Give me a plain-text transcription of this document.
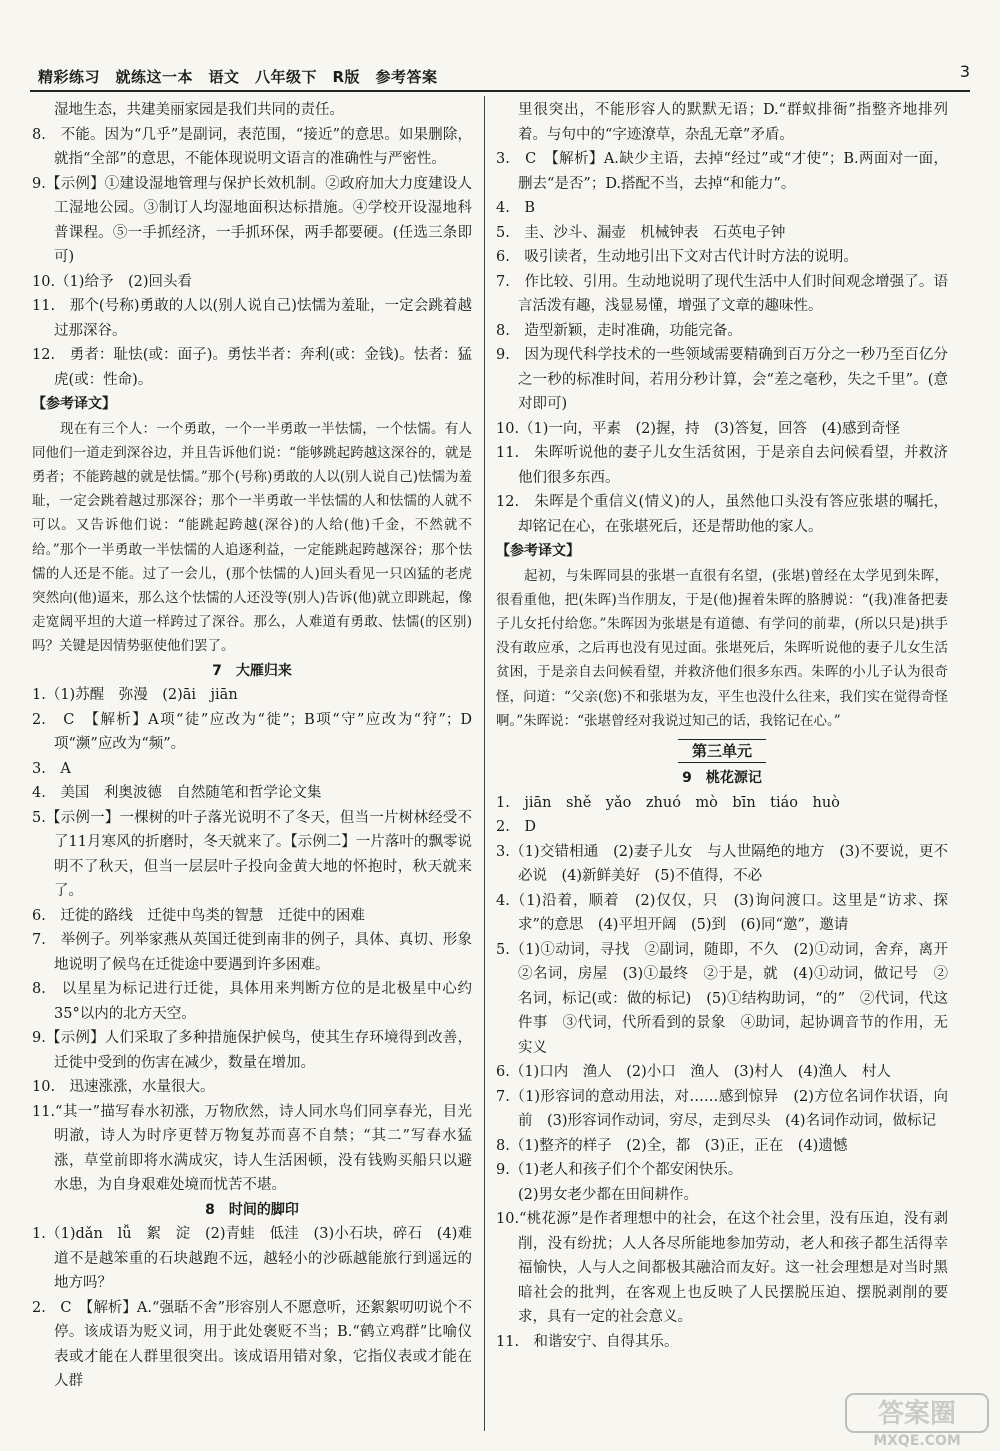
精彩练习　就练这一本　语文　八年级下　R版　参考答案	3

湿地生态，共建美丽家园是我们共同的责任。

8.　不能。因为“几乎”是副词，表范围，“接近”的意思。如果删除，就指“全部”的意思，不能体现说明文语言的准确性与严密性。

9.【示例】①建设湿地管理与保护长效机制。②政府加大力度建设人工湿地公园。③制订人均湿地面积达标措施。④学校开设湿地科普课程。⑤一手抓经济，一手抓环保，两手都要硬。(任选三条即可)

10.（1)给予　(2)回头看

11.　那个(号称)勇敢的人以(别人说自己)怯懦为羞耻，一定会跳着越过那深谷。

12.　勇者：耻怯(或：面子)。勇怯半者：奔利(或：金钱)。怯者：猛虎(或：性命)。

【参考译文】

现在有三个人：一个勇敢，一个一半勇敢一半怯懦，一个怯懦。有人同他们一道走到深谷边，并且告诉他们说：“能够跳起跨越这深谷的，就是勇者；不能跨越的就是怯懦。”那个(号称)勇敢的人以(别人说自己)怯懦为羞耻，一定会跳着越过那深谷；那个一半勇敢一半怯懦的人和怯懦的人就不可以。又告诉他们说：“能跳起跨越(深谷)的人给(他)千金，不然就不给。”那个一半勇敢一半怯懦的人追逐利益，一定能跳起跨越深谷；那个怯懦的人还是不能。过了一会儿，(那个怯懦的人)回头看见一只凶猛的老虎突然向(他)逼来，那么这个怯懦的人还没等(别人)告诉(他)就立即跳起，像走宽阔平坦的大道一样跨过了深谷。那么，人难道有勇敢、怯懦(的区别)吗？关键是因情势驱使他们罢了。

7　大雁归来

1.（1)苏醒　弥漫　(2)āi　jiān

2.　C　【解析】A项“徒”应改为“徙”；B项“守”应改为“狩”；D项“濒”应改为“频”。

3.　A

4.　美国　利奥波德　自然随笔和哲学论文集

5.【示例一】一棵树的叶子落光说明不了冬天，但当一片树林经受不了11月寒风的折磨时，冬天就来了。【示例二】一片落叶的飘零说明不了秋天，但当一层层叶子投向金黄大地的怀抱时，秋天就来了。

6.　迁徙的路线　迁徙中鸟类的智慧　迁徙中的困难

7.　举例子。列举家燕从英国迁徙到南非的例子，具体、真切、形象地说明了候鸟在迁徙途中要遇到许多困难。

8.　以星星为标记进行迁徙，具体用来判断方位的是北极星中心约35°以内的北方天空。

9.【示例】人们采取了多种措施保护候鸟，使其生存环境得到改善，迁徙中受到的伤害在减少，数量在增加。

10.　迅速涨涨，水量很大。

11.“其一”描写春水初涨，万物欣然，诗人同水鸟们同享春光，目光明澈，诗人为时序更替万物复苏而喜不自禁；“其二”写春水猛涨，草堂前即将水满成灾，诗人生活困顿，没有钱购买船只以避水患，为自身艰难处境而忧苦不堪。

8　时间的脚印

1.（1)dǎn　lǚ　絮　淀　(2)青蛙　低洼　(3)小石块，碎石　(4)难道不是越笨重的石块越跑不远，越轻小的沙砾越能旅行到遥远的地方吗？

2.　C　【解析】A.“强聒不舍”形容别人不愿意听，还絮絮叨叨说个不停。该成语为贬义词，用于此处褒贬不当；B.“鹤立鸡群”比喻仪表或才能在人群里很突出。该成语用错对象，它指仪表或才能在人群

里很突出，不能形容人的默默无语；D.“群蚁排衙”指整齐地排列着。与句中的“字迹潦草，杂乱无章”矛盾。

3.　C　【解析】A.缺少主语，去掉“经过”或“才使”；B.两面对一面，删去“是否”；D.搭配不当，去掉“和能力”。

4.　B

5.　圭、沙斗、漏壶　机械钟表　石英电子钟

6.　吸引读者，生动地引出下文对古代计时方法的说明。

7.　作比较、引用。生动地说明了现代生活中人们时间观念增强了。语言活泼有趣，浅显易懂，增强了文章的趣味性。

8.　造型新颖，走时准确，功能完备。

9.　因为现代科学技术的一些领域需要精确到百万分之一秒乃至百亿分之一秒的标准时间，若用分秒计算，会“差之毫秒，失之千里”。(意对即可)

10.（1)一向，平素　(2)握，持　(3)答复，回答　(4)感到奇怪

11.　朱晖听说他的妻子儿女生活贫困，于是亲自去问候看望，并救济他们很多东西。

12.　朱晖是个重信义(情义)的人，虽然他口头没有答应张堪的嘱托，却铭记在心，在张堪死后，还是帮助他的家人。

【参考译文】

起初，与朱晖同县的张堪一直很有名望，(张堪)曾经在太学见到朱晖，很看重他，把(朱晖)当作朋友，于是(他)握着朱晖的胳膊说：“(我)准备把妻子儿女托付给您。”朱晖因为张堪是有道德、有学问的前辈，(所以只是)拱手没有敢应承，之后再也没有见过面。张堪死后，朱晖听说他的妻子儿女生活贫困，于是亲自去问候看望，并救济他们很多东西。朱晖的小儿子认为很奇怪，问道：“父亲(您)不和张堪为友，平生也没什么往来，我们实在觉得奇怪啊。”朱晖说：“张堪曾经对我说过知己的话，我铭记在心。”

第三单元

9　桃花源记

1.　jiān　shě　yǎo　zhuó　mò　bīn　tiáo　huò

2.　D

3.（1)交错相通　(2)妻子儿女　与人世隔绝的地方　(3)不要说，更不必说　(4)新鲜美好　(5)不值得，不必

4.（1)沿着，顺着　(2)仅仅，只　(3)询问渡口。这里是“访求、探求”的意思　(4)平坦开阔　(5)到　(6)同“邀”，邀请

5.（1)①动词，寻找　②副词，随即，不久　(2)①动词，舍弃，离开　②名词，房屋　(3)①最终　②于是，就　(4)①动词，做记号　②名词，标记(或：做的标记)　(5)①结构助词，“的”　②代词，代这件事　③代词，代所看到的景象　④助词，起协调音节的作用，无实义

6.（1)口内　渔人　(2)小口　渔人　(3)村人　(4)渔人　村人

7.（1)形容词的意动用法，对……感到惊异　(2)方位名词作状语，向前　(3)形容词作动词，穷尽，走到尽头　(4)名词作动词，做标记

8.（1)整齐的样子　(2)全，都　(3)正，正在　(4)遗憾

9.（1)老人和孩子们个个都安闲快乐。

(2)男女老少都在田间耕作。

10.“桃花源”是作者理想中的社会，在这个社会里，没有压迫，没有剥削，没有纷扰；人人各尽所能地参加劳动，老人和孩子都生活得幸福愉快，人与人之间都极其融洽而友好。这一社会理想是对当时黑暗社会的批判，在客观上也反映了人民摆脱压迫、摆脱剥削的要求，具有一定的社会意义。

11.　和谐安宁、自得其乐。

答案圈
MXQE.COM
